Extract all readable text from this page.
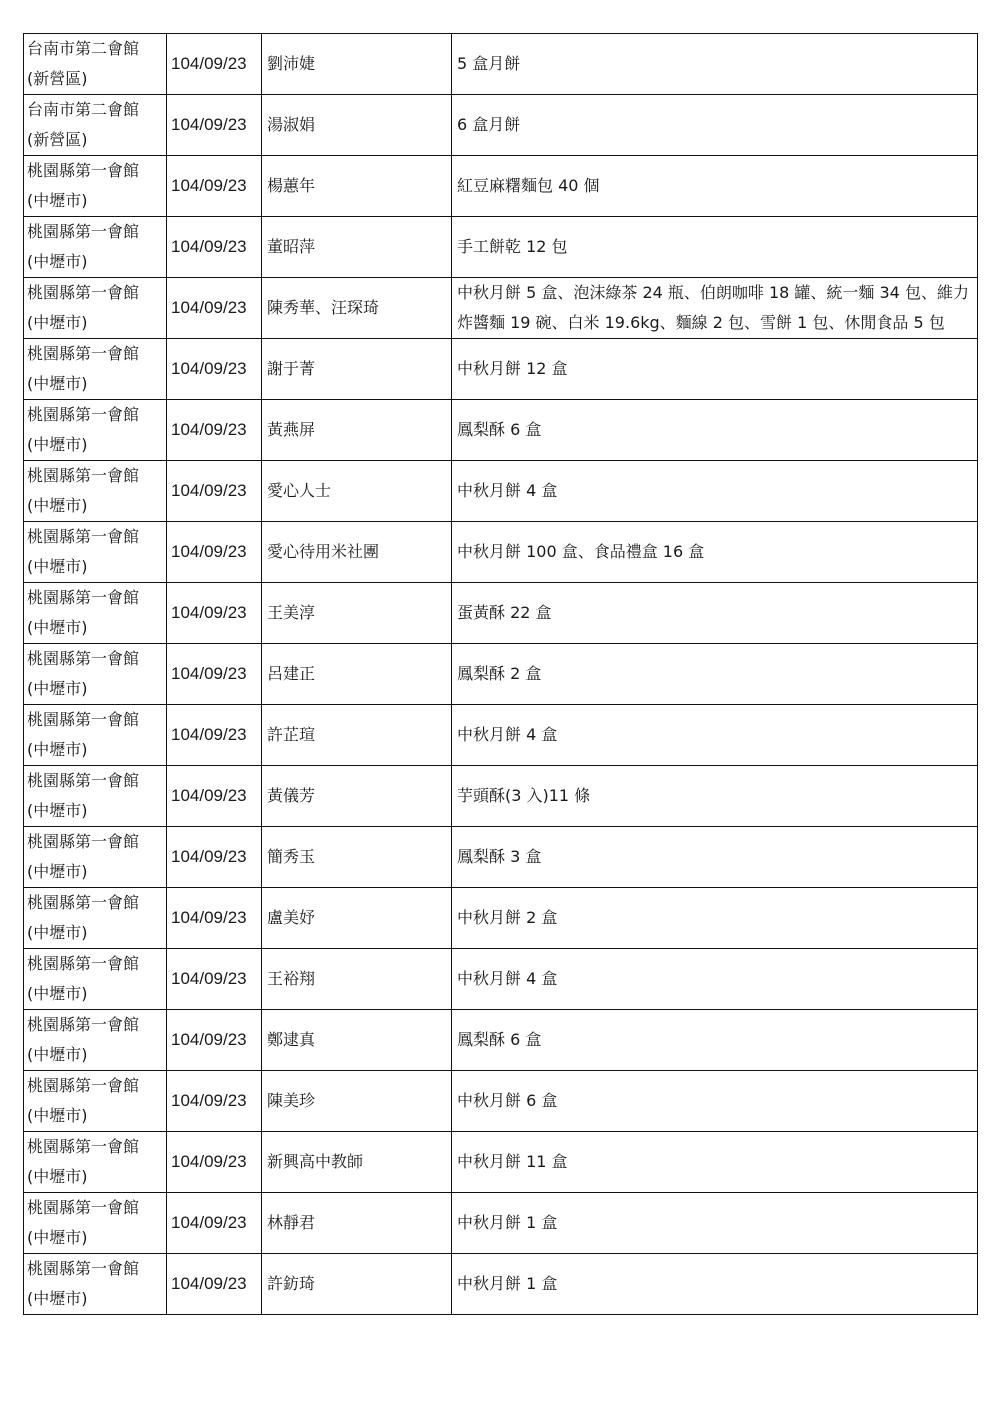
台南市第二會館
(新營區)	104/09/23	劉沛婕	5 盒月餅

台南市第二會館
(新營區)	104/09/23	湯淑娟	6 盒月餅

桃園縣第一會館
(中壢市)	104/09/23	楊蕙年	紅豆麻糬麵包 40 個

桃園縣第一會館
(中壢市)	104/09/23	董昭萍	手工餅乾 12 包

桃園縣第一會館
(中壢市)	104/09/23	陳秀華、汪琛琦	中秋月餅 5 盒、泡沫綠茶 24 瓶、伯朗咖啡 18 罐、統一麵 34 包、維力炸醬麵 19 碗、白米 19.6kg、麵線 2 包、雪餅 1 包、休閒食品 5 包

桃園縣第一會館
(中壢市)	104/09/23	謝于菁	中秋月餅 12 盒

桃園縣第一會館
(中壢市)	104/09/23	黃燕屏	鳳梨酥 6 盒

桃園縣第一會館
(中壢市)	104/09/23	愛心人士	中秋月餅 4 盒

桃園縣第一會館
(中壢市)	104/09/23	愛心待用米社團	中秋月餅 100 盒、食品禮盒 16 盒

桃園縣第一會館
(中壢市)	104/09/23	王美淳	蛋黃酥 22 盒

桃園縣第一會館
(中壢市)	104/09/23	呂建正	鳳梨酥 2 盒

桃園縣第一會館
(中壢市)	104/09/23	許芷瑄	中秋月餅 4 盒

桃園縣第一會館
(中壢市)	104/09/23	黃儀芳	芋頭酥(3 入)11 條

桃園縣第一會館
(中壢市)	104/09/23	簡秀玉	鳳梨酥 3 盒

桃園縣第一會館
(中壢市)	104/09/23	盧美妤	中秋月餅 2 盒

桃園縣第一會館
(中壢市)	104/09/23	王裕翔	中秋月餅 4 盒

桃園縣第一會館
(中壢市)	104/09/23	鄭逮真	鳳梨酥 6 盒

桃園縣第一會館
(中壢市)	104/09/23	陳美珍	中秋月餅 6 盒

桃園縣第一會館
(中壢市)	104/09/23	新興高中教師	中秋月餅 11 盒

桃園縣第一會館
(中壢市)	104/09/23	林靜君	中秋月餅 1 盒

桃園縣第一會館
(中壢市)	104/09/23	許鈁琦	中秋月餅 1 盒
